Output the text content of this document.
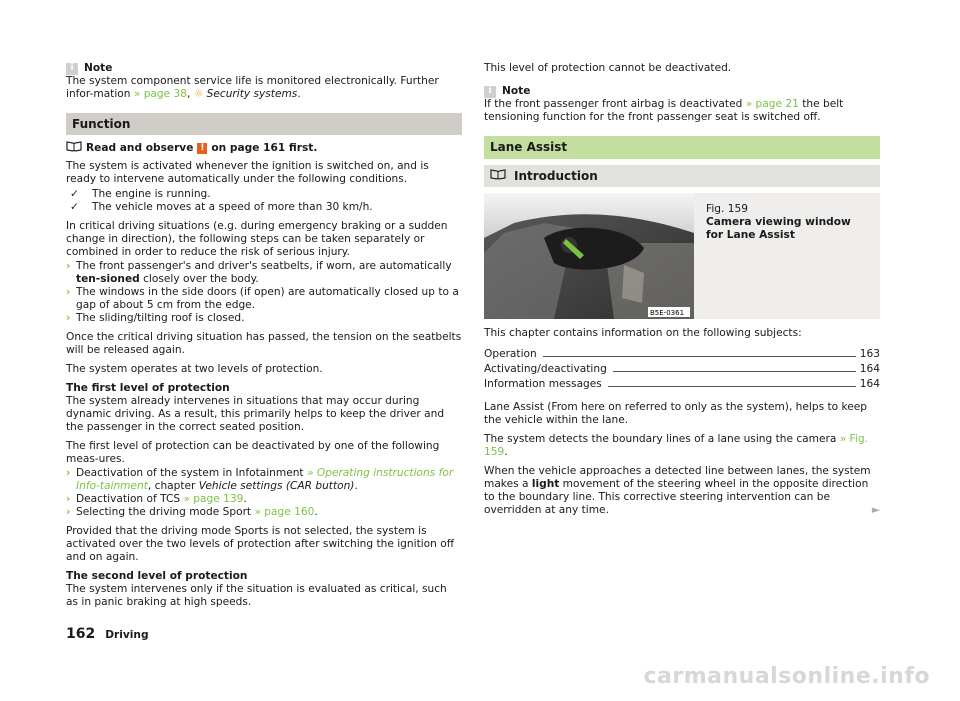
i Note

The system component service life is monitored electronically. Further infor-mation » page 38, ☼ Security systems.

Function
Read and observe ! on page 161 first.

The system is activated whenever the ignition is switched on, and is ready to intervene automatically under the following conditions.

✓ The engine is running.
✓ The vehicle moves at a speed of more than 30 km/h.

In critical driving situations (e.g. during emergency braking or a sudden change in direction), the following steps can be taken separately or combined in order to reduce the risk of serious injury.

› The front passenger's and driver's seatbelts, if worn, are automatically ten-sioned closely over the body.
› The windows in the side doors (if open) are automatically closed up to a gap of about 5 cm from the edge.
› The sliding/tilting roof is closed.

Once the critical driving situation has passed, the tension on the seatbelts will be released again.

The system operates at two levels of protection.

The first level of protection
The system already intervenes in situations that may occur during dynamic driving. As a result, this primarily helps to keep the driver and the passenger in the correct seated position.

The first level of protection can be deactivated by one of the following meas-ures.

› Deactivation of the system in Infotainment » Operating instructions for Info-tainment, chapter Vehicle settings (CAR button).
› Deactivation of TCS » page 139.
› Selecting the driving mode Sport » page 160.

Provided that the driving mode Sports is not selected, the system is activated over the two levels of protection after switching the ignition off and on again.

The second level of protection
The system intervenes only if the situation is evaluated as critical, such as in panic braking at high speeds.

This level of protection cannot be deactivated.

i Note

If the front passenger front airbag is deactivated » page 21 the belt tensioning function for the front passenger seat is switched off.

Lane Assist
Introduction
B5E-0361
Fig. 159
Camera viewing window for Lane Assist

This chapter contains information on the following subjects:

Operation	163
Activating/deactivating	164
Information messages	164

Lane Assist (From here on referred to only as the system), helps to keep the vehicle within the lane.

The system detects the boundary lines of a lane using the camera » Fig. 159.

When the vehicle approaches a detected line between lanes, the system makes a light movement of the steering wheel in the opposite direction to the boundary line. This corrective steering intervention can be overridden at any time.	►

162 Driving
carmanualsonline.info
